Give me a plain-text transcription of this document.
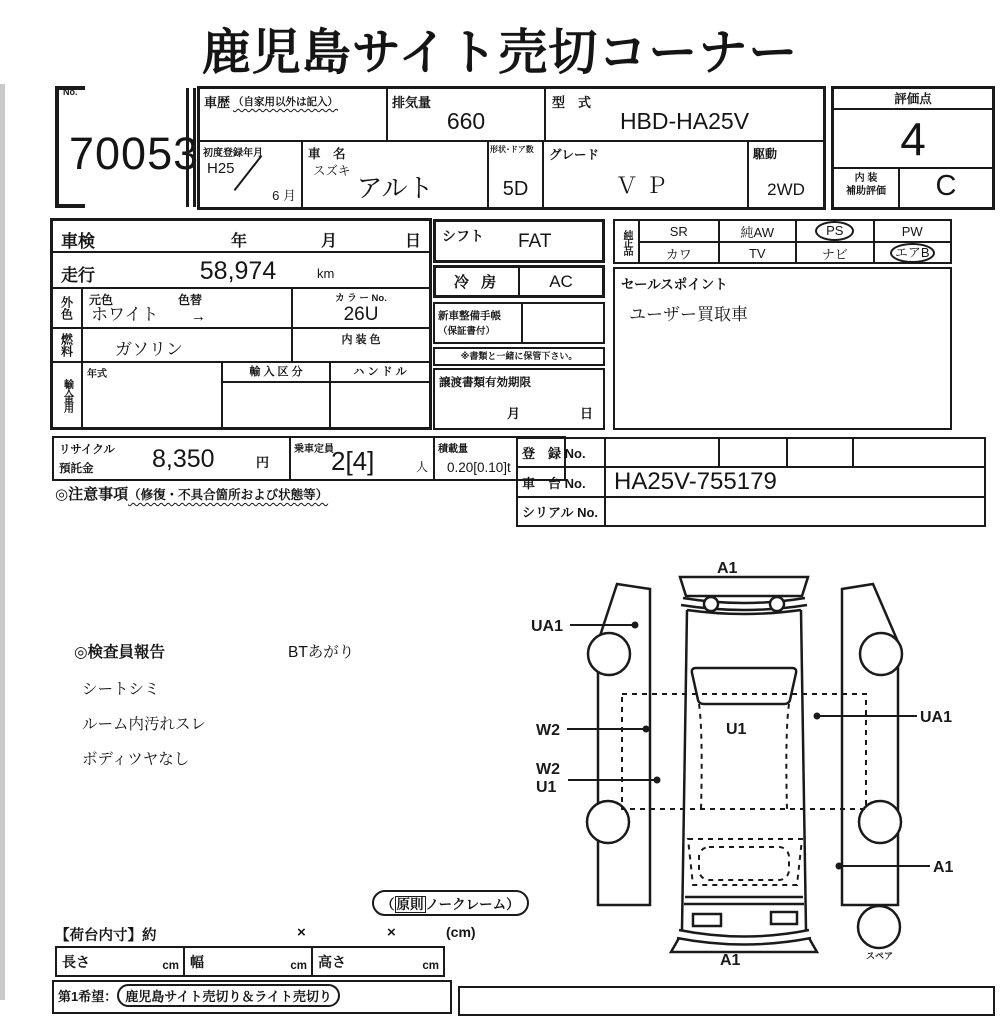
鹿児島サイト売切コーナー
No.
70053
車歴 （自家用以外は記入）	排気量
660
型　式
HBD-HA25V
初度登録年月
H25
6 月
車　名
スズキ
アルト
形状･ドア数
5D
グレード
ＶＰ
駆動
2WD
評価点
4
内 装
補助評価	C
車検	年	月	日
走行	58,974	km
外色	元色	色替
ホワイト →
カ ラ ー No.
26U
燃料	ガソリン	内 装 色
輸入車用
年式	輸 入 区 分	ハ ン ド ル
シフト FAT
冷 房	AC
新車整備手帳
（保証書付）
※書類と一緒に保管下さい。
譲渡書類有効期限
月	日
純正品	SR	純AW	PS	PW
カワ	TV	ナビ	エアB
セールスポイント
ユーザー買取車
リサイクル
預託金 8,350	円
乗車定員
2[4]	人
積載量
0.20[0.10]t
◎注意事項（修復・不具合箇所および状態等）
登　録 No.
車　台 No.	HA25V-755179
シリアル No.
◎検査員報告	BTあがり
シートシミ
ルーム内汚れスレ
ボディツヤなし
A1
UA1
UA1
W2
W2
U1
U1
A1
A1	スペア
（ 原則 ノークレーム）
【荷台内寸】約	×	×	(cm)
長さ	cm 幅	cm 高さ	cm
第1希望： 鹿児島サイト売切り＆ライト売切り
